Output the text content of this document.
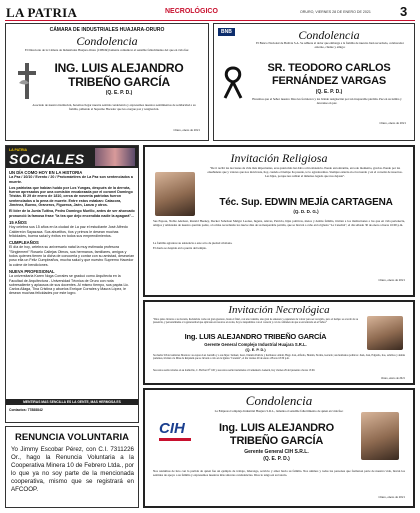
LA PATRIA	NECROLÓGICO	ORURO, VIERNES 28 DE ENERO DE 2021 3
CÁMARA DE INDUSTRIALES HUAJARA-ORURO
Condolencia
El Directorio de la Cámara de Industriales Huajara-Oruro (CIHOR) lamenta comunicar el sensible fallecimiento del que en vida fue:
ING. LUIS ALEJANDRO
TRIBEÑO GARCÍA
(Q. E. P. D.)
Asociado de nuestra institución, hacemos llegar nuestra sentida condolencia y expresamos nuestros sentimientos de solidaridad a su familia, pidiendo al Supremo Hacedor que les otorgue paz y resignación.
Oruro, enero de 2021
BNB	Condolencia
El Banco Nacional de Bolivia S.A. Se adhiere al dolor que embarga a la familia de nuestro bien recordado, colaborador externo, cliente y amigo:
SR. TEODORO CARLOS
FERNÁNDEZ VARGAS
(Q. E. P. D.)
Hacemos que el Señor nuestro Dios les fortalezca y les brinde resignación por tan irreparable pérdida. Paz en su tumba y descanse en paz.
Oruro, enero de 2021
LA PATRIA
SOCIALES
UN DÍA COMO HOY EN LA HISTORIA
La Paz / 10/10 / Evento / 20 / Protomártires de La Paz son sentenciados a muerte.
Los patriotas que habían huido por Los Yungas, después de la derrota, fueron apresados por una comisión encabezada por el coronel Domingo Tristán. El 29 de enero de 1810, cerca de noventa patriotas fueron sentenciados a la pena de muerte. Entre estos estaban: Catacora, Jiménez, Bueno, Graneros, Figueroa, Jaén, Lanza y otros.
El líder de la Junta Tuitiva, Pedro Domingo Murillo, antes de ser ahorcado pronunció la famosa frase "la tea que dejo encendida nadie la apagará"...
15 AÑOS
Hoy celebra sus 15 años en la ciudad de La paz el estudiante José Alfredo Caldereón Sayazaca. Sus abuelitos, tíos y primos le desean muchas felicidades, buena salud y éxitos en todos sus emprendimientos.
CUMPLEAÑOS
El día de hoy, celebra su aniversario natal la muy estimada profesora "Singlement" Rosario Callejas Olmos, sus hermanos, familiares, amigos y todos quienes tienen la dicha de conocerla y contar con su amistad, desearían poso ella un Feliz Cumpleaños, mucha salud y que nuestro Supremo Hacedor la colme de bendiciones.
NUEVA PROFESIONAL
La universitaria Karen Noga Corrales se graduó como Arquitecta en la Facultad de Arquitectura - Universidad Técnica de Oruro con nota sobresaliente y aplausos de sus docentes. Al mismo tiempo, sus papás Lic. Carlos Allaga, Tina Cristina y abuelos Enrique Corrales y Maura López, le desean muchas felicidades por este logro.
MENTIRAS MAS SENCILLA ES LA GENTE, MAS HERMOSA ES
Contactos: 77888842
RENUNCIA VOLUNTARIA
Yo Jimmy Escobar Pérez, con C.I. 7311226 Or., hago la Renuncia Voluntaria a la Cooperativa Minera 10 de Febrero Ltda., por lo que ya no soy parte de la mencionada cooperativa, mismo que se registrará en AFCOOP.
Invitación Religiosa
"De ti recibí las lecciones de vida más importantes, eras quien más luz daba a mi existencia. Puedo encontrarme, en todo momento, gracias. Puedo por las enseñanzas que y valores que nos inculcaste, hoy, cuando el tiempo ha pasado, te lo agradecemos. Siempre estarás en el recuerdo y en el corazón de nosotros. Les hijos, porque nos sabían el inmenso legado que nos dejaste".
Téc. Sup. EDWIN MEJÍA CARTAGENA
(Q. D. D. G.)
Sus Esposa, Noble Adelson, Ronald Heeney, Decker Sabelson Melgar Leonse, Iugens, Alaves, Patricia, hijas políticas, nietos y demás familia, invitan a los instituciones a las que en vida pertenecía, amigos y amistades de nuestro querido padre, a la misa recordando los nueve días de su inesperable partida, que se llevará a cabo en la Iglesia "La Catedral", el día sábado 30 de enero a horas 16:00 p.m.
La familia agradece su asistencia a este acto de piedad cristiana.
El duelo se despide en la puerta del templo.
Oruro, enero de 2021
Invitación Necrológica
"Dios quiso llevarte a su morada, haciéndole como un gran guerrero, hasta el final, con una valentía, una gran de entereza y esperanza de volver para ser recogido, pero el tiempo se acordó de su presencia, y personalmente a la generosidad que aplicaste en nosotros en todos, hoy te despedimos con el corazón y con la confianza de que te encontrarás en el Señor."
Ing. LUIS ALEJANDRO TRIBEÑO GARCÍA
Gerente General Complejo Industrial Huajara S.R.L.
(Q. E. P. D.)
Su madre Silvia Gutiérrez Montoro: su esposa Luz Gurialla y a sus hijos: Samuel, Isaac, Daniela Patricia y hermanos: Amali, Hugo José, Alfredo, Hernán, Norma, Gerardo; sus hermanos políticos: Juan, José, Edgardo, tíos, sobrinos y demás parientes, invitan a la Misa de Réquiem que se llevará a cabo en la Iglesia "Catedral", el día viernes 29 de enero a Horas 18:30 p.m.
Sus restos serán velados en su domicilio, C. Bolívar N° 100 y sus restos serán trasladados al Cementerio General, hoy viernes 29 del presente a horas 15:00.
Oruro, enero de 2021
Condolencia
CIH
La Empresa Complejo Industrial Huajara S.R.L., lamenta el sensible fallecimiento de quien en vida fue:
Ing. LUIS ALEJANDRO
TRIBEÑO GARCÍA
Gerente General CIH S.R.L.
(Q. E. P. D.)
Nos reunimos de luto con la partida de quien fue un ejemplo de trabajo, liderazgo, servicio y amor hacia su familia. Nos unimos y todas las personas que formaron parte de nuestra vida, llevan los sentidos de apoyo a su familia y expresamos nuestras más sinceras condolencias. Dios lo tenga en su Gloria.
Oruro, enero de 2021
